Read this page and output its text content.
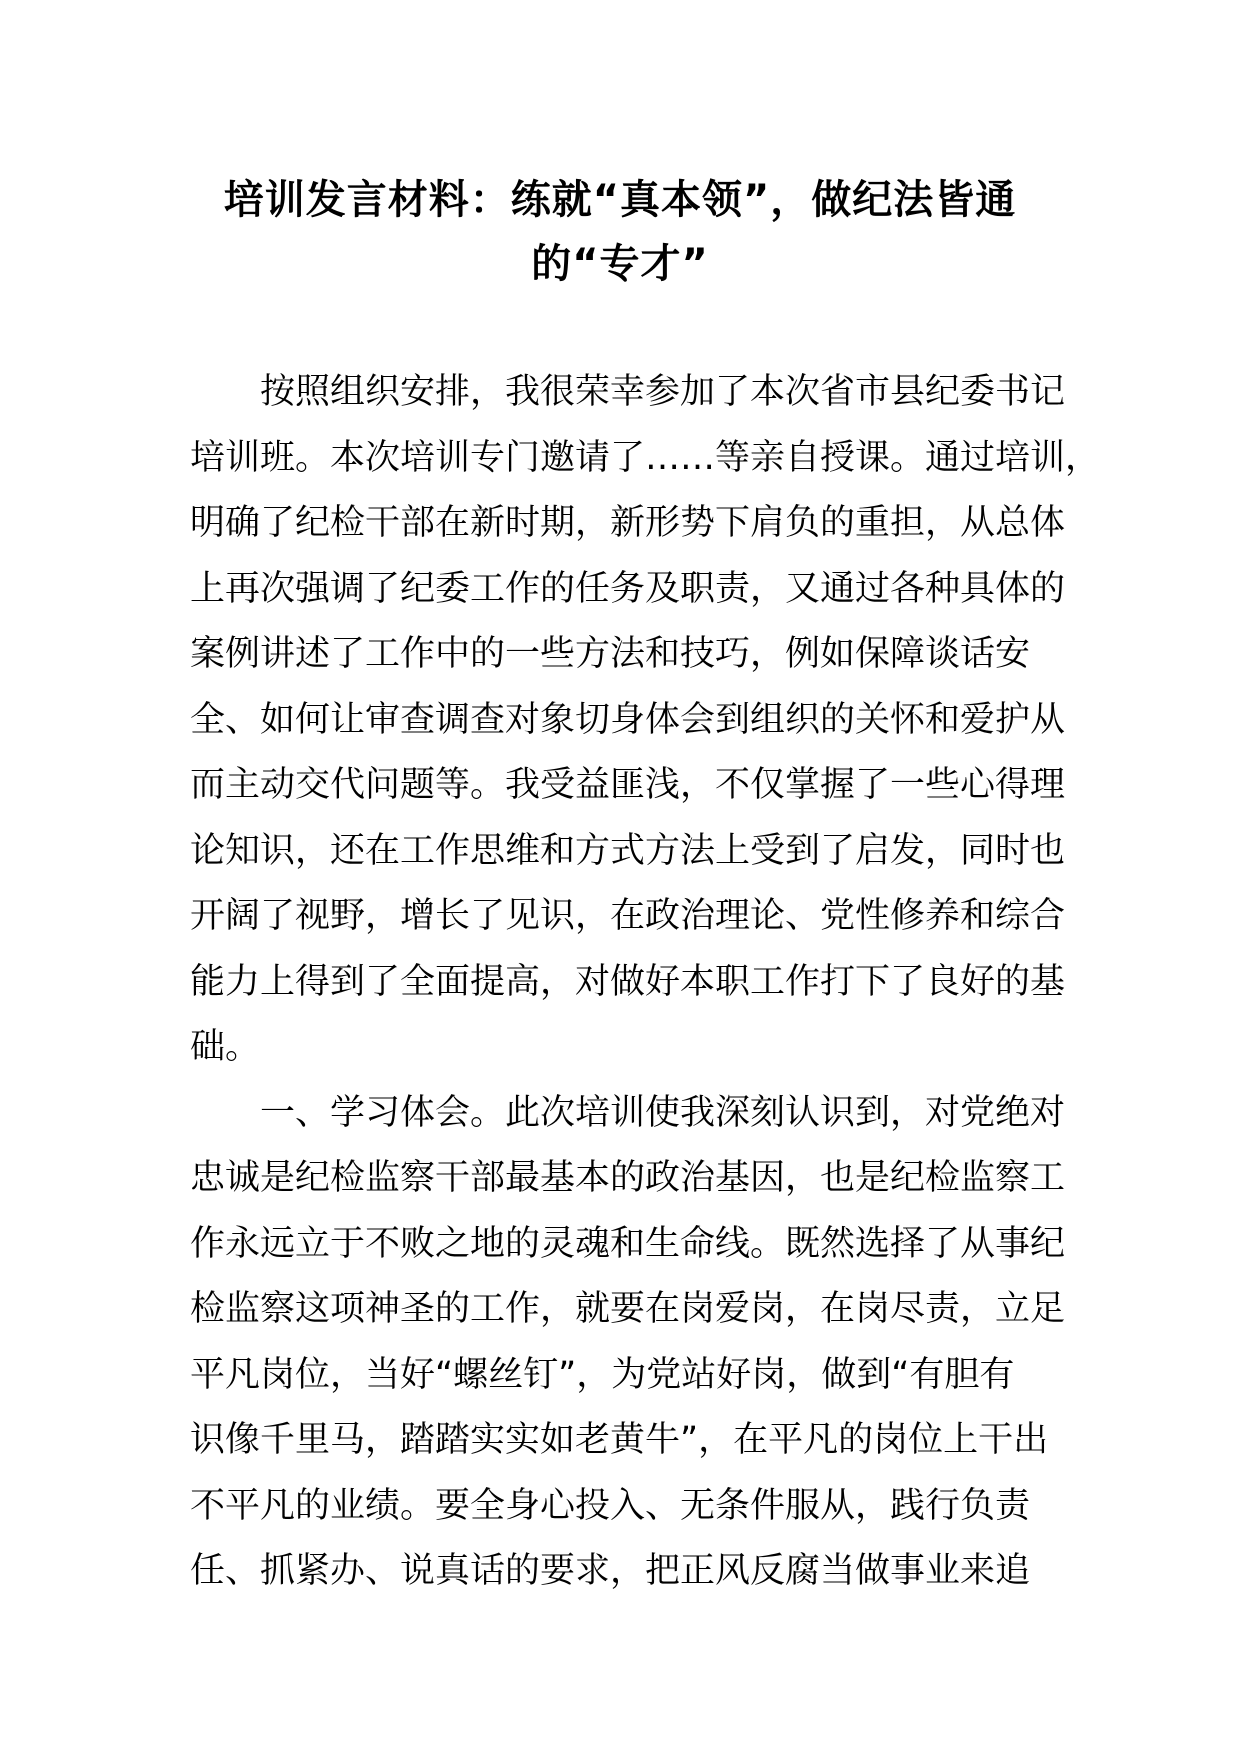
培训发言材料：练就“真本领”，做纪法皆通
的“专才”
按照组织安排，我很荣幸参加了本次省市县纪委书记
培训班。本次培训专门邀请了……等亲自授课。通过培训，
明确了纪检干部在新时期，新形势下肩负的重担，从总体
上再次强调了纪委工作的任务及职责，又通过各种具体的
案例讲述了工作中的一些方法和技巧，例如保障谈话安
全、如何让审查调查对象切身体会到组织的关怀和爱护从
而主动交代问题等。我受益匪浅，不仅掌握了一些心得理
论知识，还在工作思维和方式方法上受到了启发，同时也
开阔了视野，增长了见识，在政治理论、党性修养和综合
能力上得到了全面提高，对做好本职工作打下了良好的基
础。
一、学习体会。此次培训使我深刻认识到，对党绝对
忠诚是纪检监察干部最基本的政治基因，也是纪检监察工
作永远立于不败之地的灵魂和生命线。既然选择了从事纪
检监察这项神圣的工作，就要在岗爱岗，在岗尽责，立足
平凡岗位，当好“螺丝钉”，为党站好岗，做到“有胆有
识像千里马，踏踏实实如老黄牛”，在平凡的岗位上干出
不平凡的业绩。要全身心投入、无条件服从，践行负责
任、抓紧办、说真话的要求，把正风反腐当做事业来追
